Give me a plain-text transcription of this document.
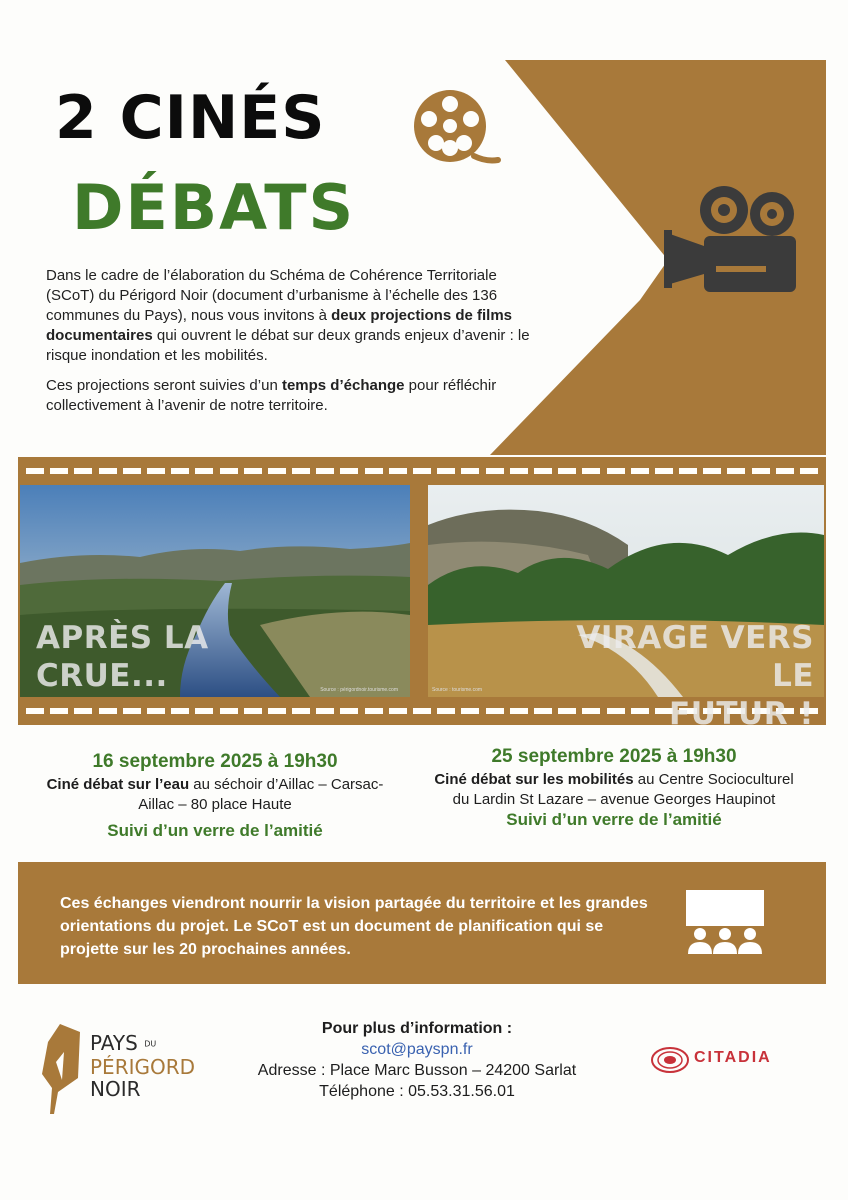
2 CINÉS
DÉBATS

Dans le cadre de l’élaboration du Schéma de Cohérence Territoriale (SCoT) du Périgord Noir (document d’urbanisme à l’échelle des 136 communes du Pays), nous vous invitons à deux projections de films documentaires qui ouvrent le débat sur deux grands enjeux d’avenir : le risque inondation et les mobilités.

Ces projections seront suivies d’un temps d’échange pour réfléchir collectivement à l’avenir de notre territoire.

APRÈS LA
CRUE...	Source : périgordnoir.tourisme.com
VIRAGE VERS LE
FUTUR !
Source : tourisme.com
16 septembre 2025 à 19h30
Ciné débat sur l’eau au séchoir d’Aillac – Carsac-Aillac – 80 place Haute
Suivi d’un verre de l’amitié
25 septembre 2025 à 19h30
Ciné débat sur les mobilités au Centre Socioculturel du Lardin St Lazare – avenue Georges Haupinot
Suivi d’un verre de l’amitié
Ces échanges viendront nourrir la vision partagée du territoire et les grandes orientations du projet. Le SCoT est un document de planification qui se projette sur les 20 prochaines années.
PAYS DU
PÉRIGORD
NOIR
Pour plus d’information :
scot@payspn.fr
Adresse : Place Marc Busson – 24200 Sarlat
Téléphone : 05.53.31.56.01
CITADIA
